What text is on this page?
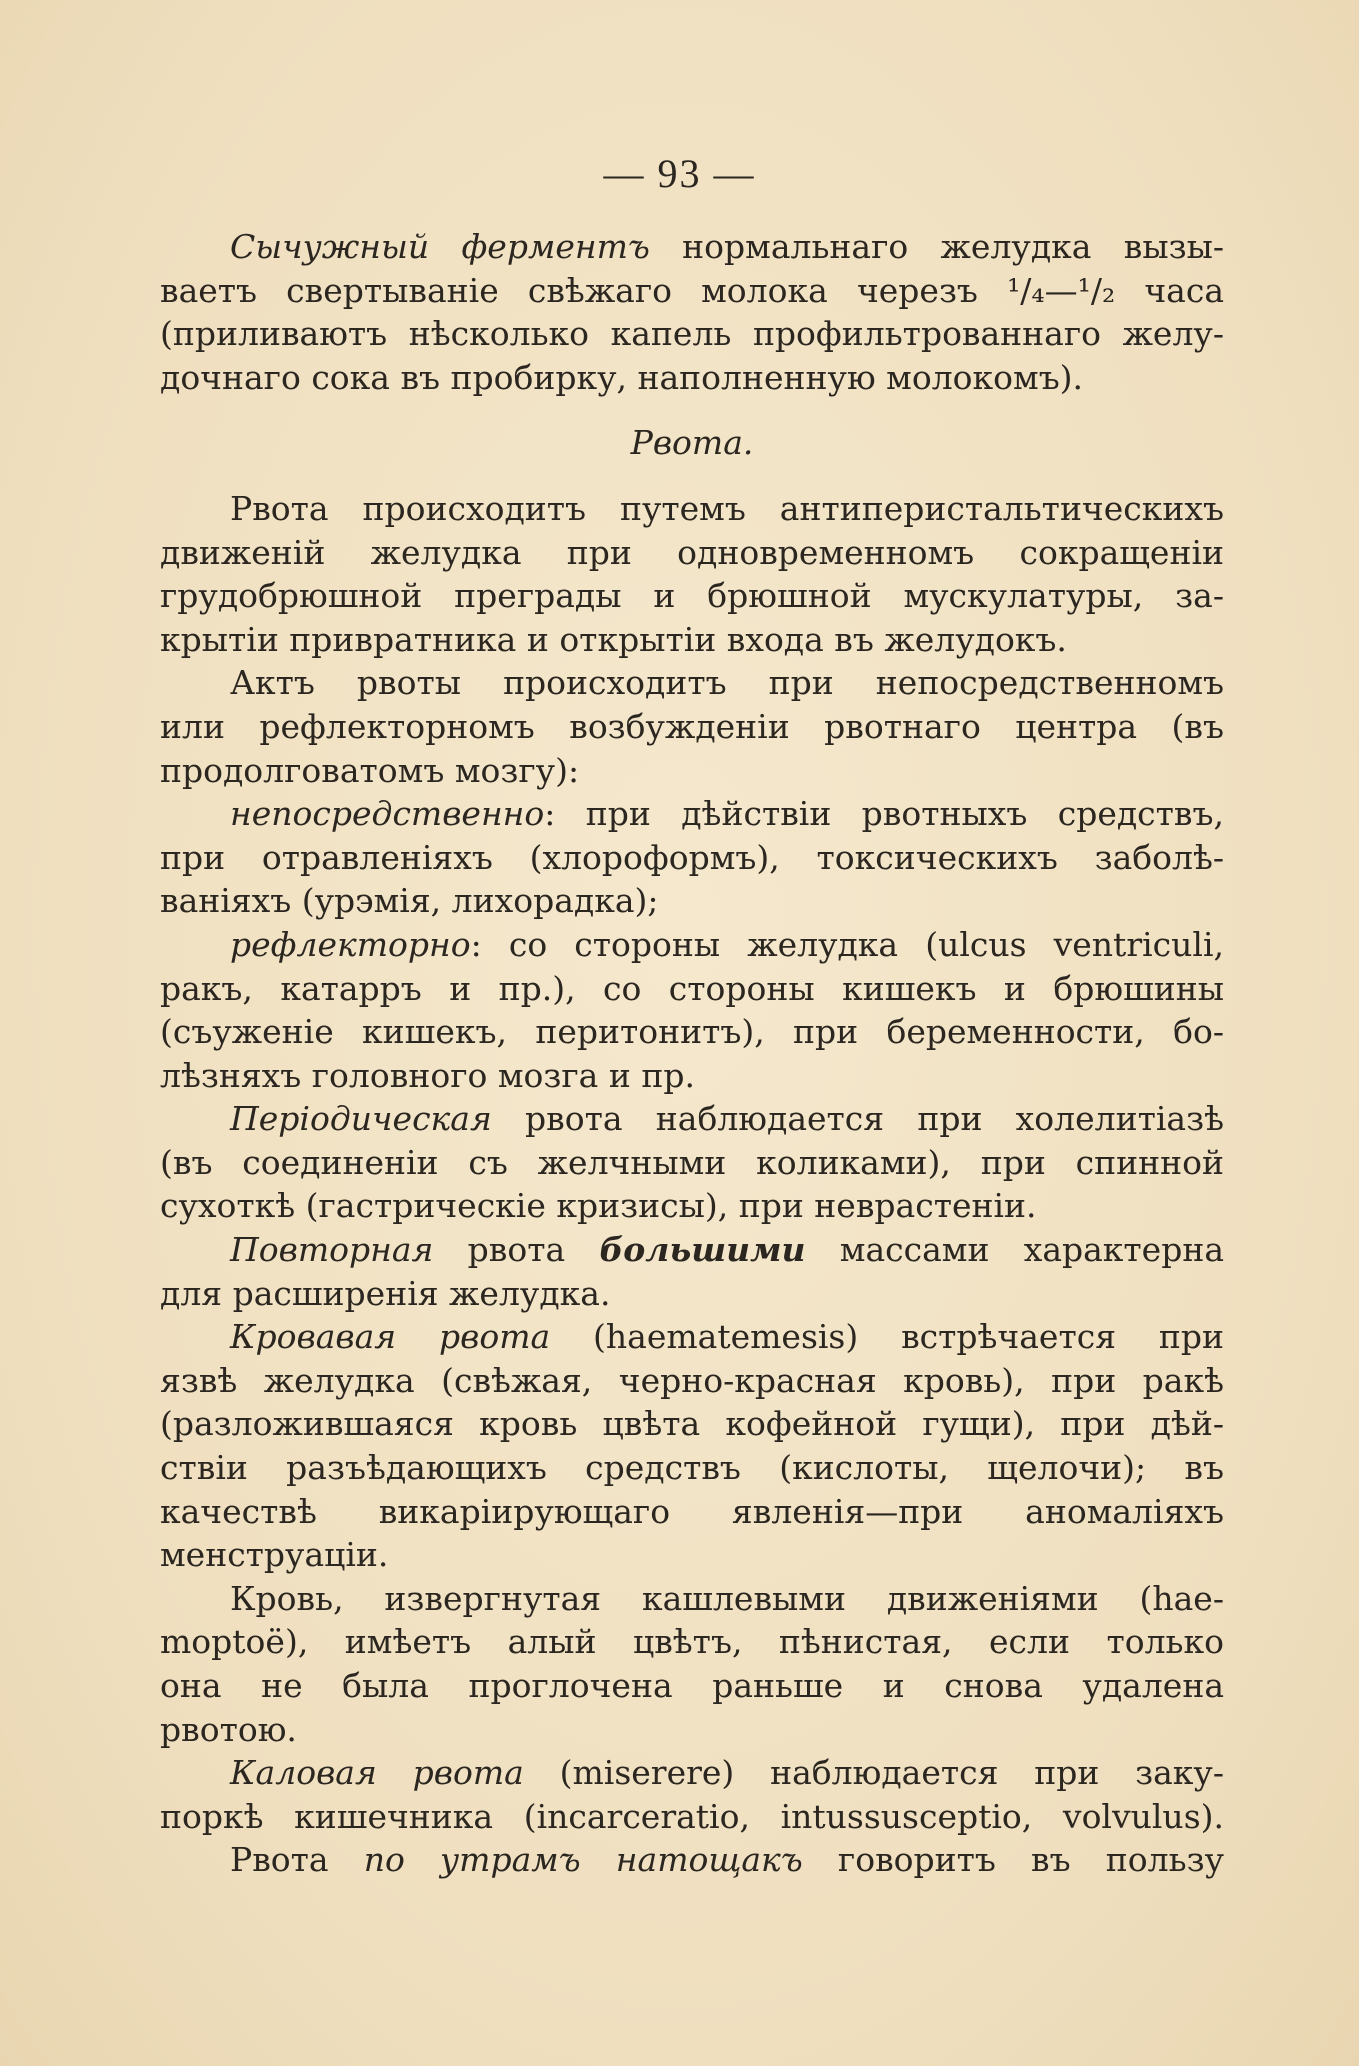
— 93 —
Сычужный ферментъ нормальнаго желудка вызы-
ваетъ свертываніе свѣжаго молока черезъ ¹/₄—¹/₂ часа
(приливаютъ нѣсколько капель профильтрованнаго желу-
дочнаго сока въ пробирку, наполненную молокомъ).
Рвота.
Рвота происходитъ путемъ антиперистальтическихъ
движеній желудка при одновременномъ сокращеніи
грудобрюшной преграды и брюшной мускулатуры, за-
крытіи привратника и открытіи входа въ желудокъ.
Актъ рвоты происходитъ при непосредственномъ
или рефлекторномъ возбужденіи рвотнаго центра (въ
продолговатомъ мозгу):
непосредственно: при дѣйствіи рвотныхъ средствъ,
при отравленіяхъ (хлороформъ), токсическихъ заболѣ-
ваніяхъ (урэмія, лихорадка);
рефлекторно: со стороны желудка (ulcus ventriculi,
ракъ, катарръ и пр.), со стороны кишекъ и брюшины
(съуженіе кишекъ, перитонитъ), при беременности, бо-
лѣзняхъ головного мозга и пр.
Періодическая рвота наблюдается при холелитіазѣ
(въ соединеніи съ желчными коликами), при спинной
сухоткѣ (гастрическіе кризисы), при неврастеніи.
Повторная рвота большими массами характерна
для расширенія желудка.
Кровавая рвота (haematemesis) встрѣчается при
язвѣ желудка (свѣжая, черно-красная кровь), при ракѣ
(разложившаяся кровь цвѣта кофейной гущи), при дѣй-
ствіи разъѣдающихъ средствъ (кислоты, щелочи); въ
качествѣ викаріирующаго явленія—при аномаліяхъ
менструаціи.
Кровь, извергнутая кашлевыми движеніями (hae-
moptoë), имѣетъ алый цвѣтъ, пѣнистая, если только
она не была проглочена раньше и снова удалена
рвотою.
Каловая рвота (miserere) наблюдается при заку-
поркѣ кишечника (incarceratio, intussusceptio, volvulus).
Рвота по утрамъ натощакъ говоритъ въ пользу
